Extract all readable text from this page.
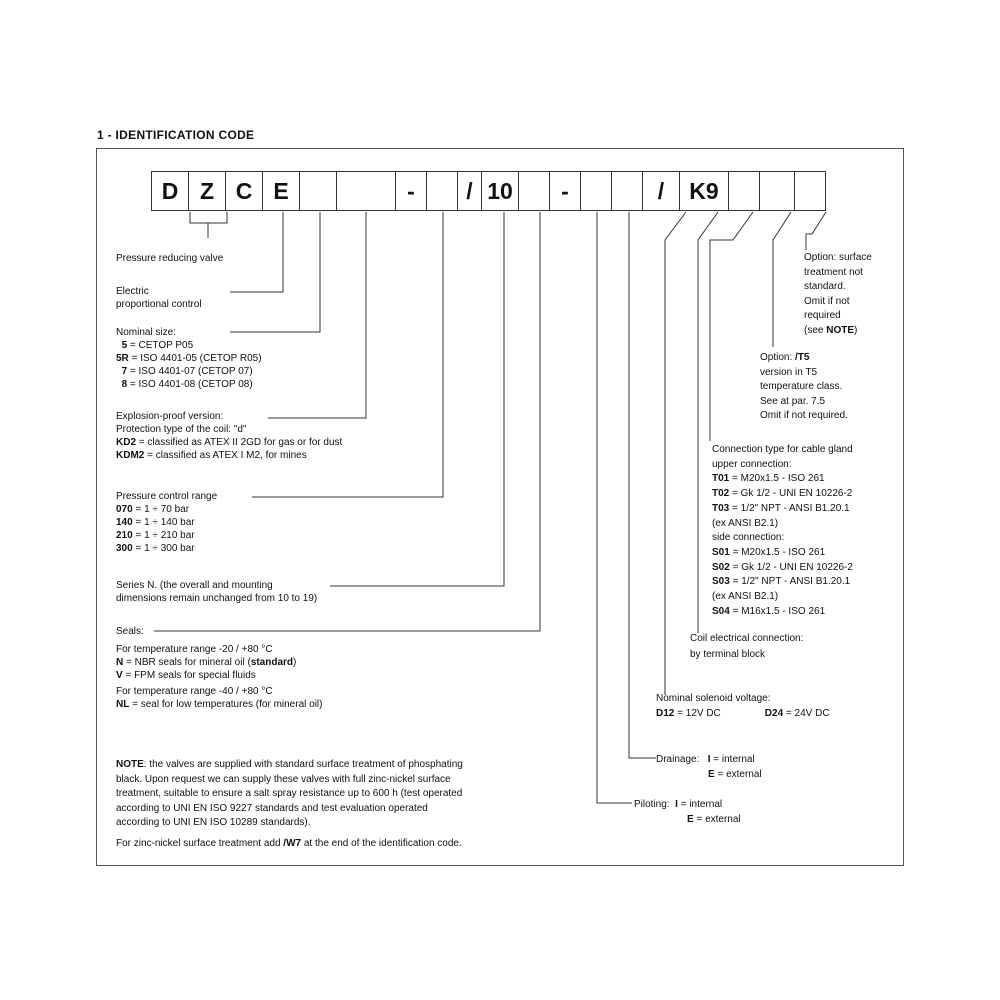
1 - IDENTIFICATION CODE
D Z C E	-	/ 10	-	/	K9
Pressure reducing valve
Electric
proportional control
Nominal size:
5 = CETOP P05
5R = ISO 4401-05 (CETOP R05)
7 = ISO 4401-07 (CETOP 07)
8 = ISO 4401-08 (CETOP 08)
Explosion-proof version:
Protection type of the coil: "d"
KD2 = classified as ATEX II 2GD for gas or for dust
KDM2 = classified as ATEX I M2, for mines
Pressure control range
070 = 1 ÷ 70 bar
140 = 1 ÷ 140 bar
210 = 1 ÷ 210 bar
300 = 1 ÷ 300 bar
Series N. (the overall and mounting
dimensions remain unchanged from 10 to 19)
Seals:
For temperature range -20 / +80 °C
N = NBR seals for mineral oil (standard)
V = FPM seals for special fluids
For temperature range -40 / +80 °C
NL = seal for low temperatures (for mineral oil)
NOTE: the valves are supplied with standard surface treatment of phosphating
black. Upon request we can supply these valves with full zinc-nickel surface
treatment, suitable to ensure a salt spray resistance up to 600 h (test operated
according to UNI EN ISO 9227 standards and test evaluation operated
according to UNI EN ISO 10289 standards).
For zinc-nickel surface treatment add /W7 at the end of the identification code.
Option: surface
treatment not
standard.
Omit if not
required
(see NOTE)
Option: /T5
version in T5
temperature class.
See at par. 7.5
Omit if not required.
Connection type for cable gland
upper connection:
T01 = M20x1.5 - ISO 261
T02 = Gk 1/2 - UNI EN 10226-2
T03 = 1/2" NPT - ANSI B1.20.1
(ex ANSI B2.1)
side connection:
S01 = M20x1.5 - ISO 261
S02 = Gk 1/2 - UNI EN 10226-2
S03 = 1/2" NPT - ANSI B1.20.1
(ex ANSI B2.1)
S04 = M16x1.5 - ISO 261
Coil electrical connection:
by terminal block
Nominal solenoid voltage:
D12 = 12V DC	D24 = 24V DC
Drainage: I = internal
E = external
Piloting: I = internal
E = external
